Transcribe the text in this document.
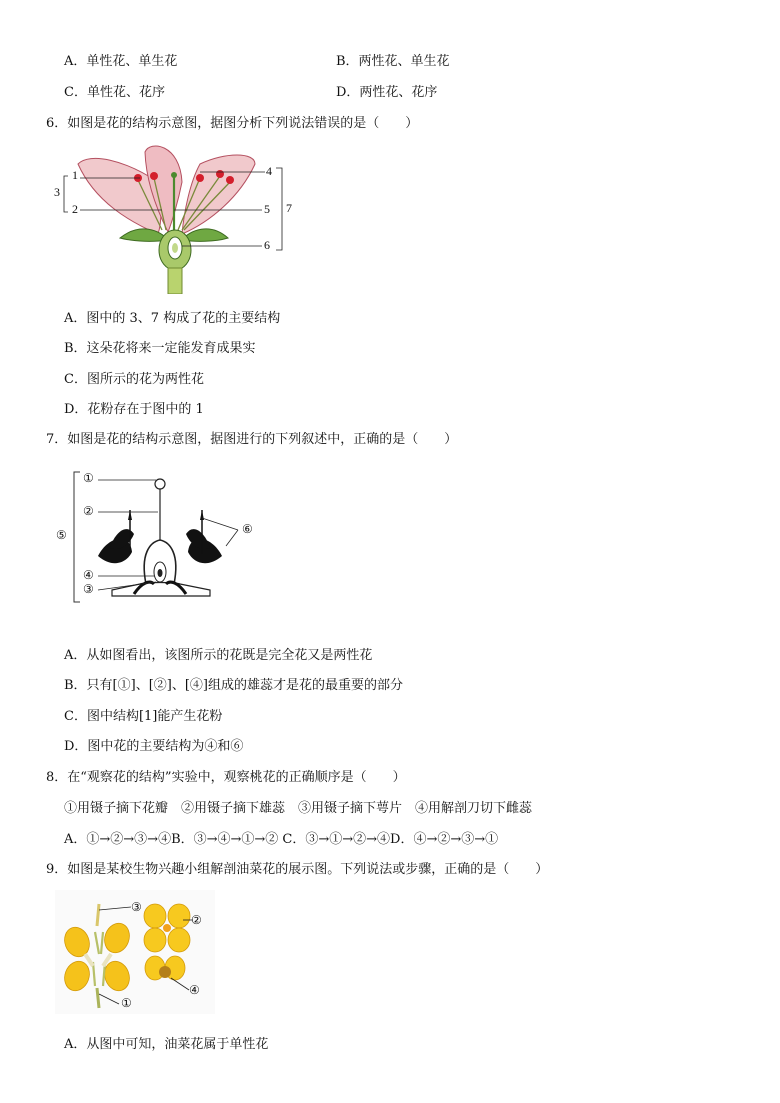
A．单性花、单生花	B．两性花、单生花
C．单性花、花序	D．两性花、花序
6．如图是花的结构示意图，据图分析下列说法错误的是（　　）
1
2
3
4
5
6
7
A．图中的 3、7 构成了花的主要结构
B．这朵花将来一定能发育成果实
C．图所示的花为两性花
D．花粉存在于图中的 1
7．如图是花的结构示意图，据图进行的下列叙述中，正确的是（　　）
①
②
③
④
⑤	⑥
A．从如图看出，该图所示的花既是完全花又是两性花
B．只有[①]、[②]、[④]组成的雄蕊才是花的最重要的部分
C．图中结构[1]能产生花粉
D．图中花的主要结构为④和⑥
8．在“观察花的结构”实验中，观察桃花的正确顺序是（　　）
①用镊子摘下花瓣　②用镊子摘下雄蕊　③用镊子摘下萼片　④用解剖刀切下雌蕊
A．①→②→③→④B．③→④→①→② C．③→①→②→④D．④→②→③→①
9．如图是某校生物兴趣小组解剖油菜花的展示图。下列说法或步骤，正确的是（　　）
③
②
①
④
A．从图中可知，油菜花属于单性花
